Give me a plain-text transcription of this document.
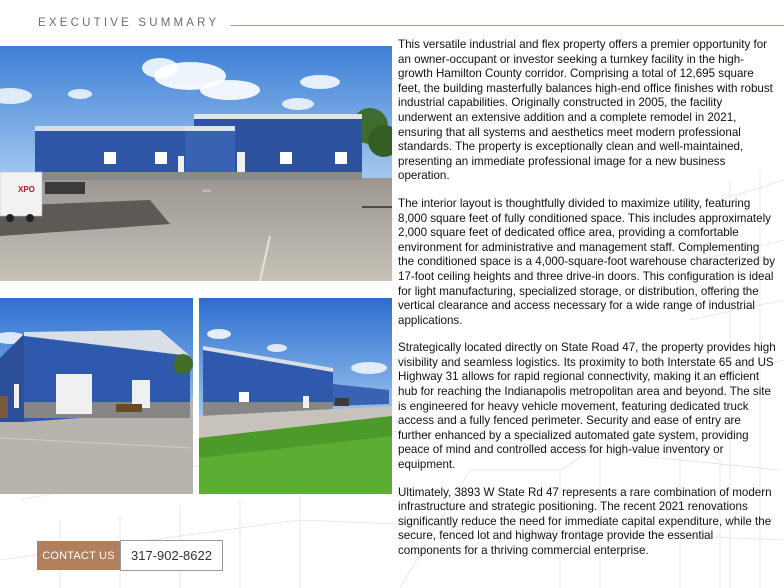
EXECUTIVE SUMMARY
3893
XPO

This versatile industrial and flex property offers a premier opportunity for an owner-occupant or investor seeking a turnkey facility in the high-growth Hamilton County corridor. Comprising a total of 12,695 square feet, the building masterfully balances high-end office finishes with robust industrial capabilities. Originally constructed in 2005, the facility underwent an extensive addition and a complete remodel in 2021, ensuring that all systems and aesthetics meet modern professional standards. The property is exceptionally clean and well-maintained, presenting an immediate professional image for a new business operation.

The interior layout is thoughtfully divided to maximize utility, featuring 8,000 square feet of fully conditioned space. This includes approximately 2,000 square feet of dedicated office area, providing a comfortable environment for administrative and management staff. Complementing the conditioned space is a 4,000-square-foot warehouse characterized by 17-foot ceiling heights and three drive-in doors. This configuration is ideal for light manufacturing, specialized storage, or distribution, offering the vertical clearance and access necessary for a wide range of industrial applications.

Strategically located directly on State Road 47, the property provides high visibility and seamless logistics. Its proximity to both Interstate 65 and US Highway 31 allows for rapid regional connectivity, making it an efficient hub for reaching the Indianapolis metropolitan area and beyond. The site is engineered for heavy vehicle movement, featuring dedicated truck access and a fully fenced perimeter. Security and ease of entry are further enhanced by a specialized automated gate system, providing peace of mind and controlled access for high-value inventory or equipment.

Ultimately, 3893 W State Rd 47 represents a rare combination of modern infrastructure and strategic positioning. The recent 2021 renovations significantly reduce the need for immediate capital expenditure, while the secure, fenced lot and highway frontage provide the essential components for a thriving commercial enterprise.

CONTACT US	317-902-8622
